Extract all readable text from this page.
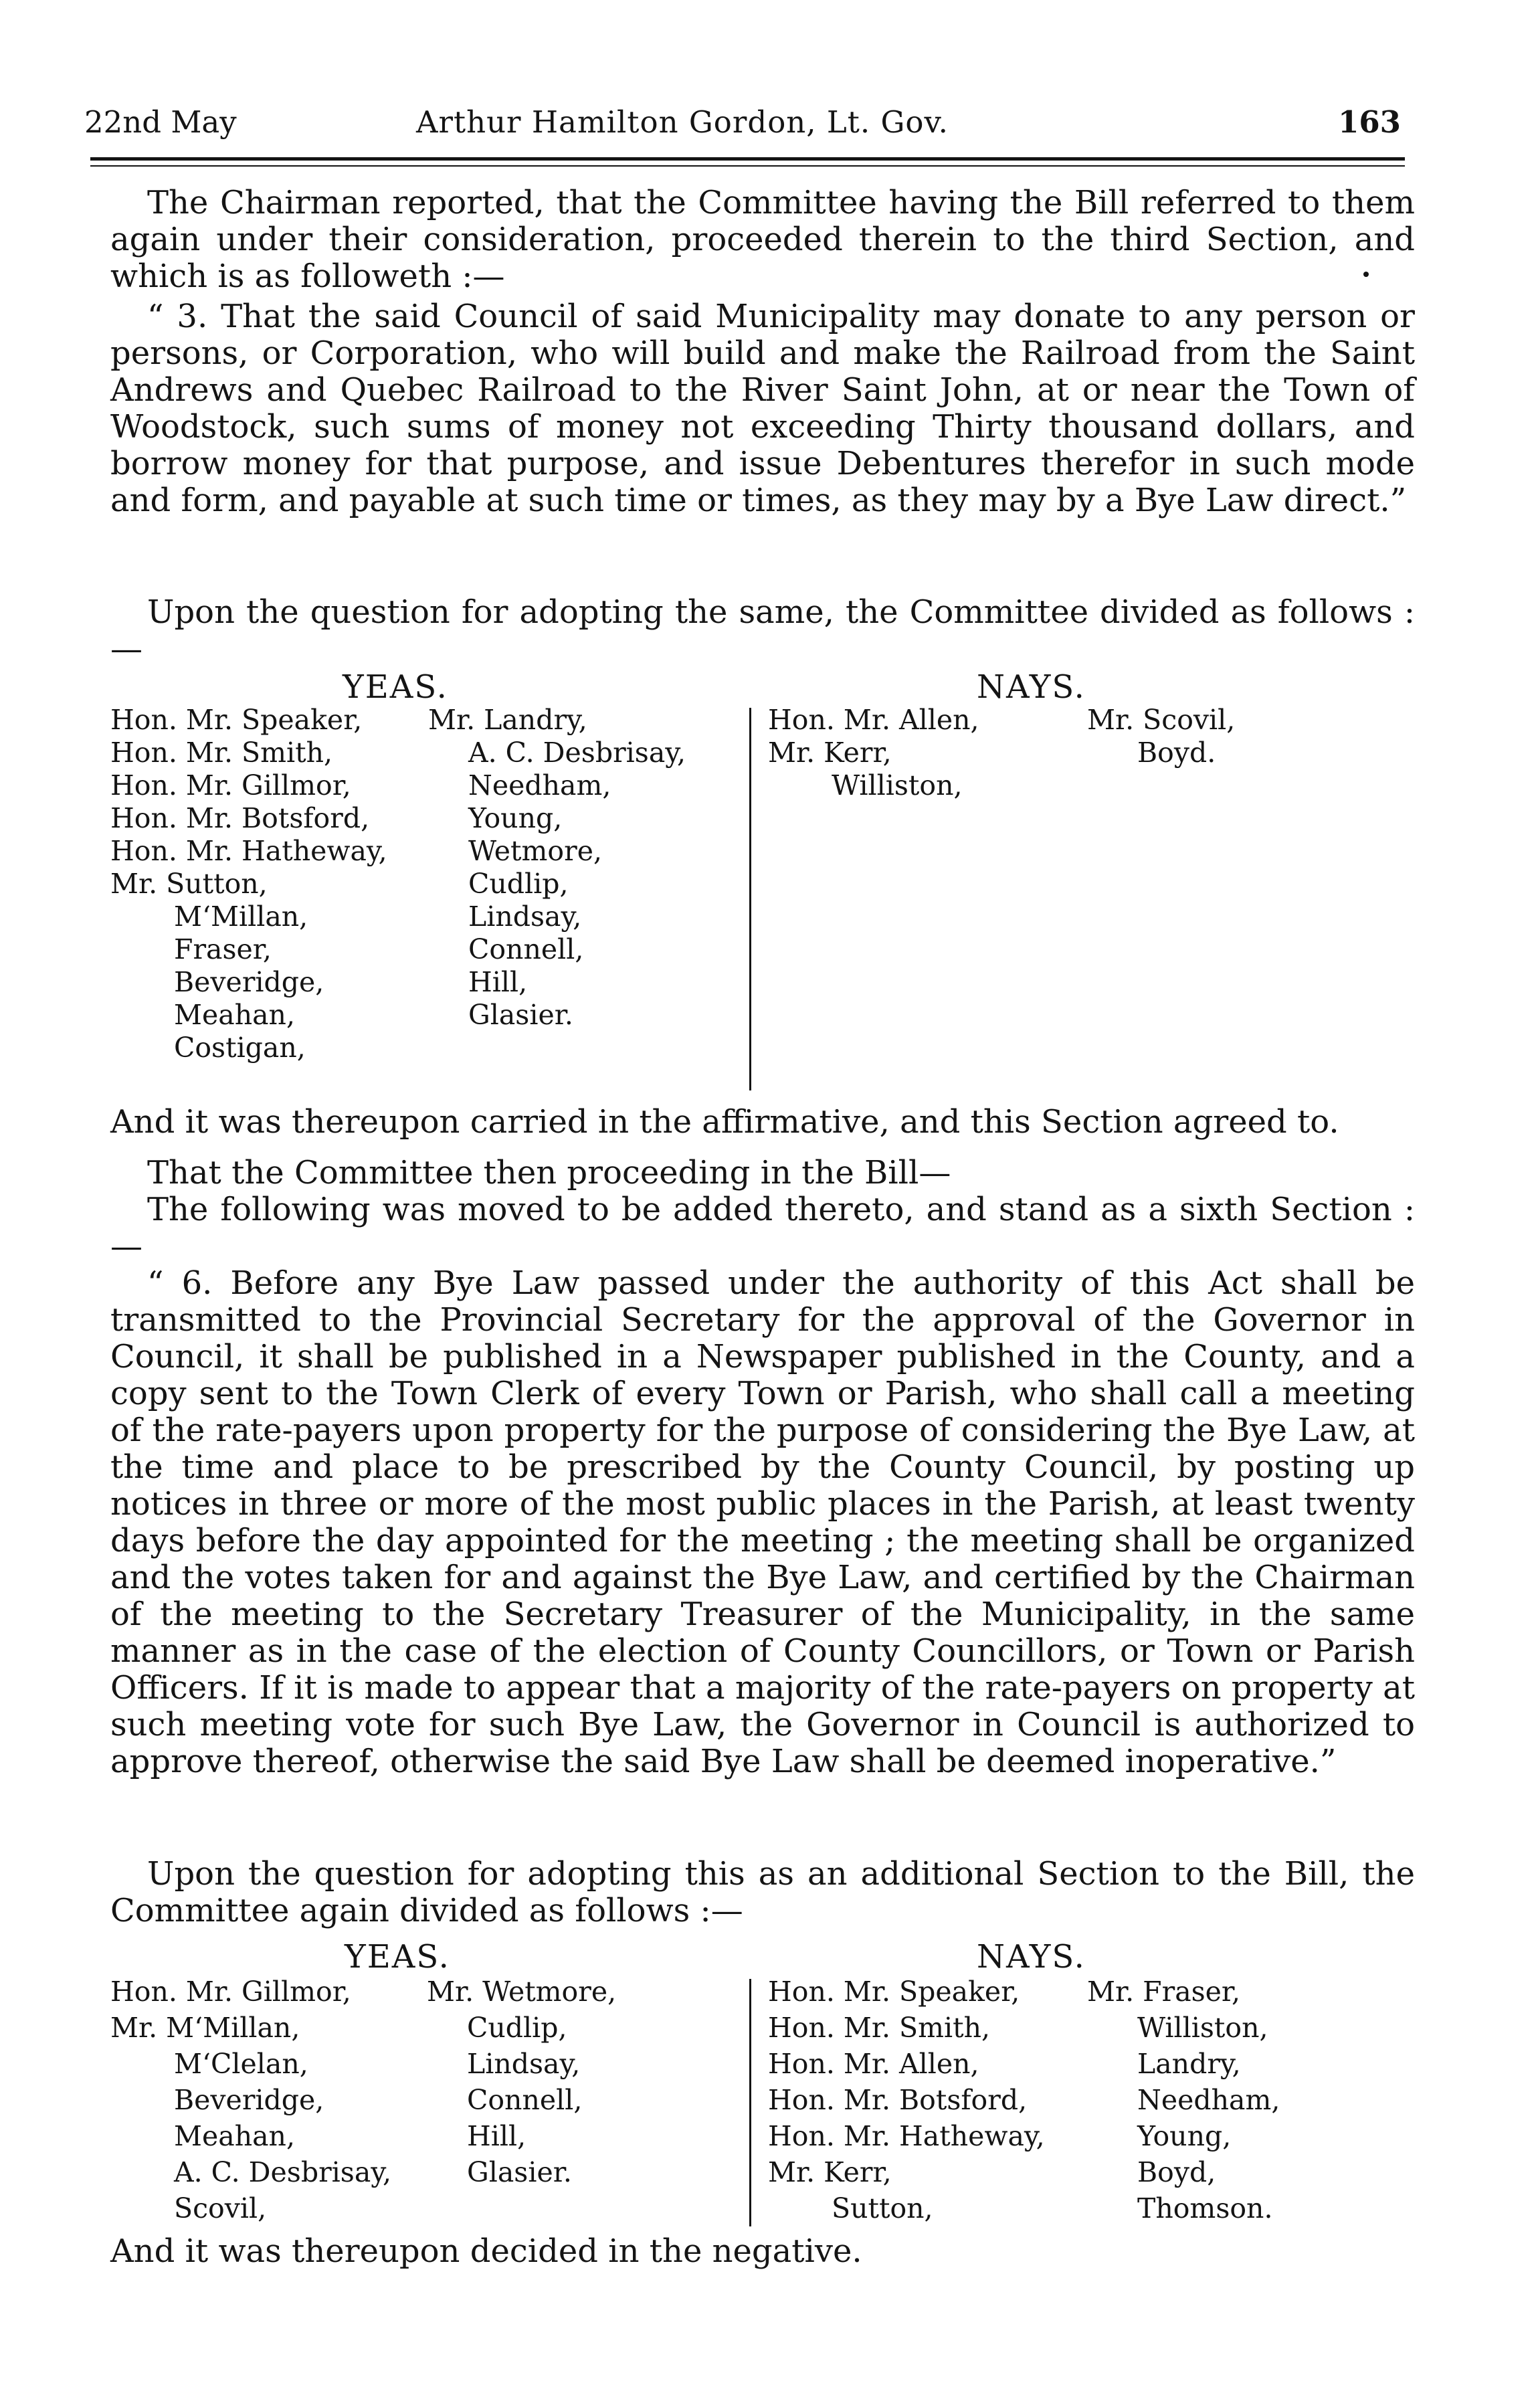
22nd May	Arthur Hamilton Gordon, Lt. Gov.	163

The Chairman reported, that the Committee having the Bill referred to them again under their consideration, proceeded therein to the third Section, and which is as followeth :—

“ 3. That the said Council of said Municipality may donate to any person or persons, or Corporation, who will build and make the Railroad from the Saint Andrews and Quebec Railroad to the River Saint John, at or near the Town of Woodstock, such sums of money not exceeding Thirty thousand dollars, and borrow money for that purpose, and issue Debentures therefor in such mode and form, and payable at such time or times, as they may by a Bye Law direct.”

Upon the question for adopting the same, the Committee divided as follows :—

YEAS.	NAYS.
Hon. Mr. Speaker,
Hon. Mr. Smith,
Hon. Mr. Gillmor,
Hon. Mr. Botsford,
Hon. Mr. Hatheway,
Mr. Sutton,
M‘Millan,
Fraser,
Beveridge,
Meahan,
Costigan,
Mr. Landry,
A. C. Desbrisay,
Needham,
Young,
Wetmore,
Cudlip,
Lindsay,
Connell,
Hill,
Glasier.
Hon. Mr. Allen,
Mr. Kerr,
Williston,
Mr. Scovil,
Boyd.

And it was thereupon carried in the affirmative, and this Section agreed to.

That the Committee then proceeding in the Bill—

The following was moved to be added thereto, and stand as a sixth Section :—

“ 6. Before any Bye Law passed under the authority of this Act shall be transmitted to the Provincial Secretary for the approval of the Governor in Council, it shall be published in a Newspaper published in the County, and a copy sent to the Town Clerk of every Town or Parish, who shall call a meeting of the rate-payers upon property for the purpose of considering the Bye Law, at the time and place to be prescribed by the County Council, by posting up notices in three or more of the most public places in the Parish, at least twenty days before the day appointed for the meeting ; the meeting shall be organized and the votes taken for and against the Bye Law, and certified by the Chairman of the meeting to the Secretary Treasurer of the Municipality, in the same manner as in the case of the election of County Councillors, or Town or Parish Officers. If it is made to appear that a majority of the rate-payers on property at such meeting vote for such Bye Law, the Governor in Council is authorized to approve thereof, otherwise the said Bye Law shall be deemed inoperative.”

Upon the question for adopting this as an additional Section to the Bill, the Committee again divided as follows :—

YEAS.	NAYS.
Hon. Mr. Gillmor,
Mr. M‘Millan,
M‘Clelan,
Beveridge,
Meahan,
A. C. Desbrisay,
Scovil,
Mr. Wetmore,
Cudlip,
Lindsay,
Connell,
Hill,
Glasier.
Hon. Mr. Speaker,
Hon. Mr. Smith,
Hon. Mr. Allen,
Hon. Mr. Botsford,
Hon. Mr. Hatheway,
Mr. Kerr,
Sutton,
Mr. Fraser,
Williston,
Landry,
Needham,
Young,
Boyd,
Thomson.

And it was thereupon decided in the negative.
